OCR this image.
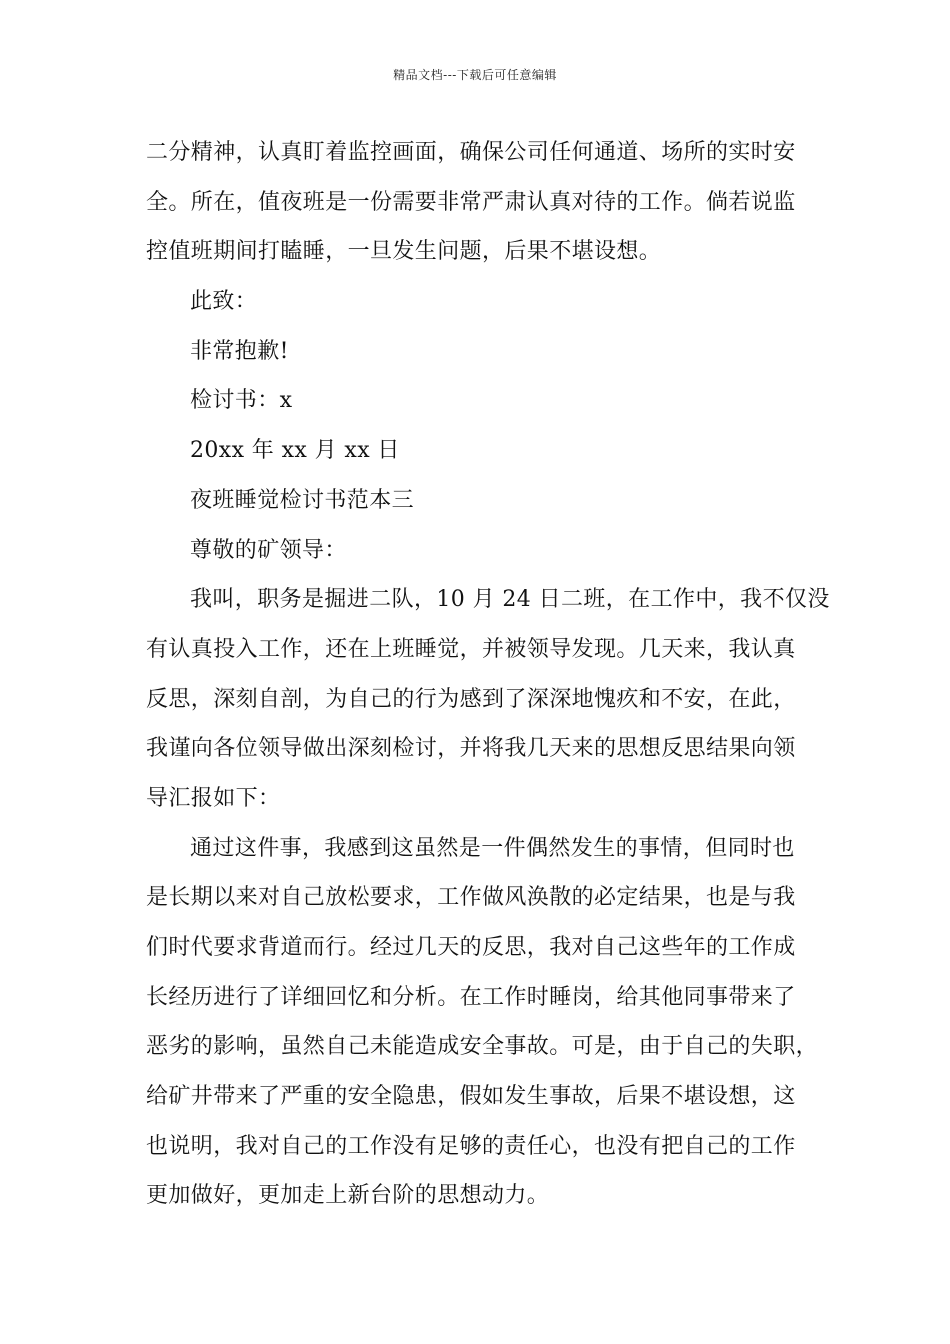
精品文档---下载后可任意编辑
二分精神，认真盯着监控画面，确保公司任何通道、场所的实时安
全。所在，值夜班是一份需要非常严肃认真对待的工作。倘若说监
控值班期间打瞌睡，一旦发生问题，后果不堪设想。
此致：
非常抱歉!
检讨书：x
20xx 年 xx 月 xx 日
夜班睡觉检讨书范本三
尊敬的矿领导：
我叫，职务是掘进二队，10 月 24 日二班，在工作中，我不仅没
有认真投入工作，还在上班睡觉，并被领导发现。几天来，我认真
反思，深刻自剖，为自己的行为感到了深深地愧疚和不安，在此，
我谨向各位领导做出深刻检讨，并将我几天来的思想反思结果向领
导汇报如下：
通过这件事，我感到这虽然是一件偶然发生的事情，但同时也
是长期以来对自己放松要求，工作做风涣散的必定结果，也是与我
们时代要求背道而行。经过几天的反思，我对自己这些年的工作成
长经历进行了详细回忆和分析。在工作时睡岗，给其他同事带来了
恶劣的影响，虽然自己未能造成安全事故。可是，由于自己的失职，
给矿井带来了严重的安全隐患，假如发生事故，后果不堪设想，这
也说明，我对自己的工作没有足够的责任心，也没有把自己的工作
更加做好，更加走上新台阶的思想动力。
